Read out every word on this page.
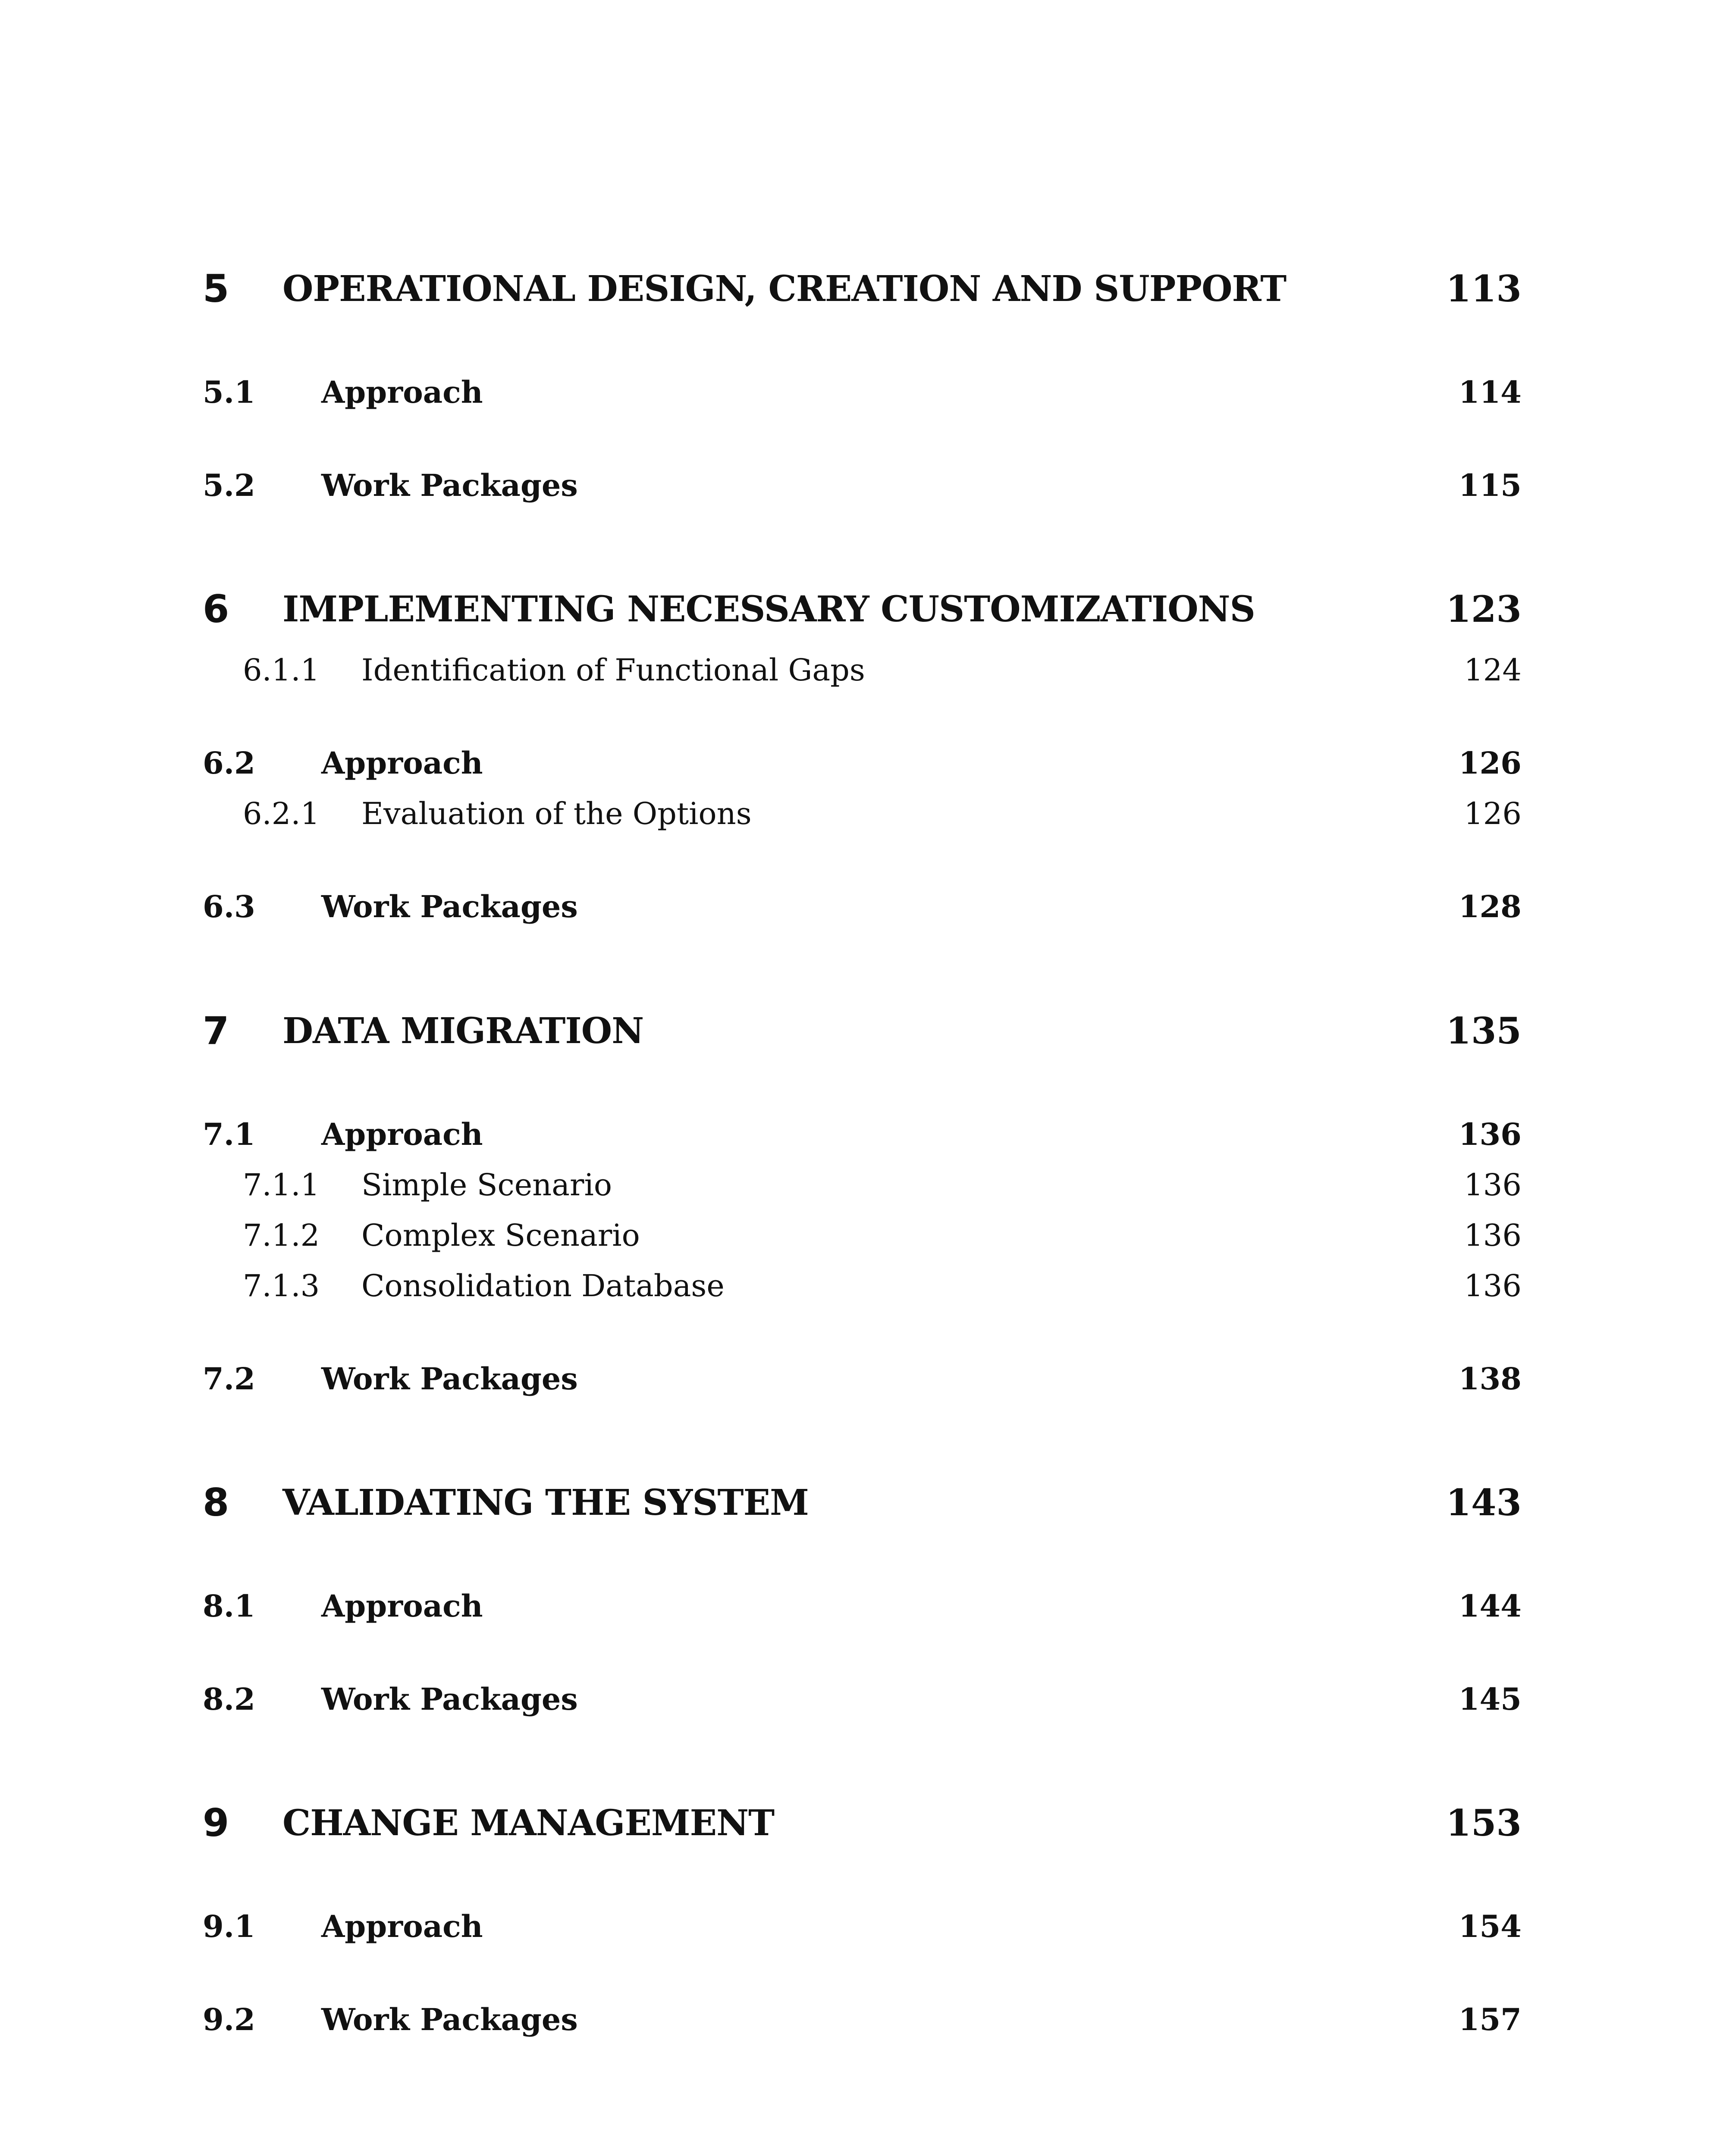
5 OPERATIONAL DESIGN, CREATION AND SUPPORT	113
5.1 Approach	114
5.2 Work Packages	115
6 IMPLEMENTING NECESSARY CUSTOMIZATIONS	123
6.1.1 Identification of Functional Gaps	124
6.2 Approach	126
6.2.1 Evaluation of the Options	126
6.3 Work Packages	128
7 DATA MIGRATION	135
7.1 Approach	136
7.1.1 Simple Scenario	136
7.1.2 Complex Scenario	136
7.1.3 Consolidation Database	136
7.2 Work Packages	138
8 VALIDATING THE SYSTEM	143
8.1 Approach	144
8.2 Work Packages	145
9 CHANGE MANAGEMENT	153
9.1 Approach	154
9.2 Work Packages	157
